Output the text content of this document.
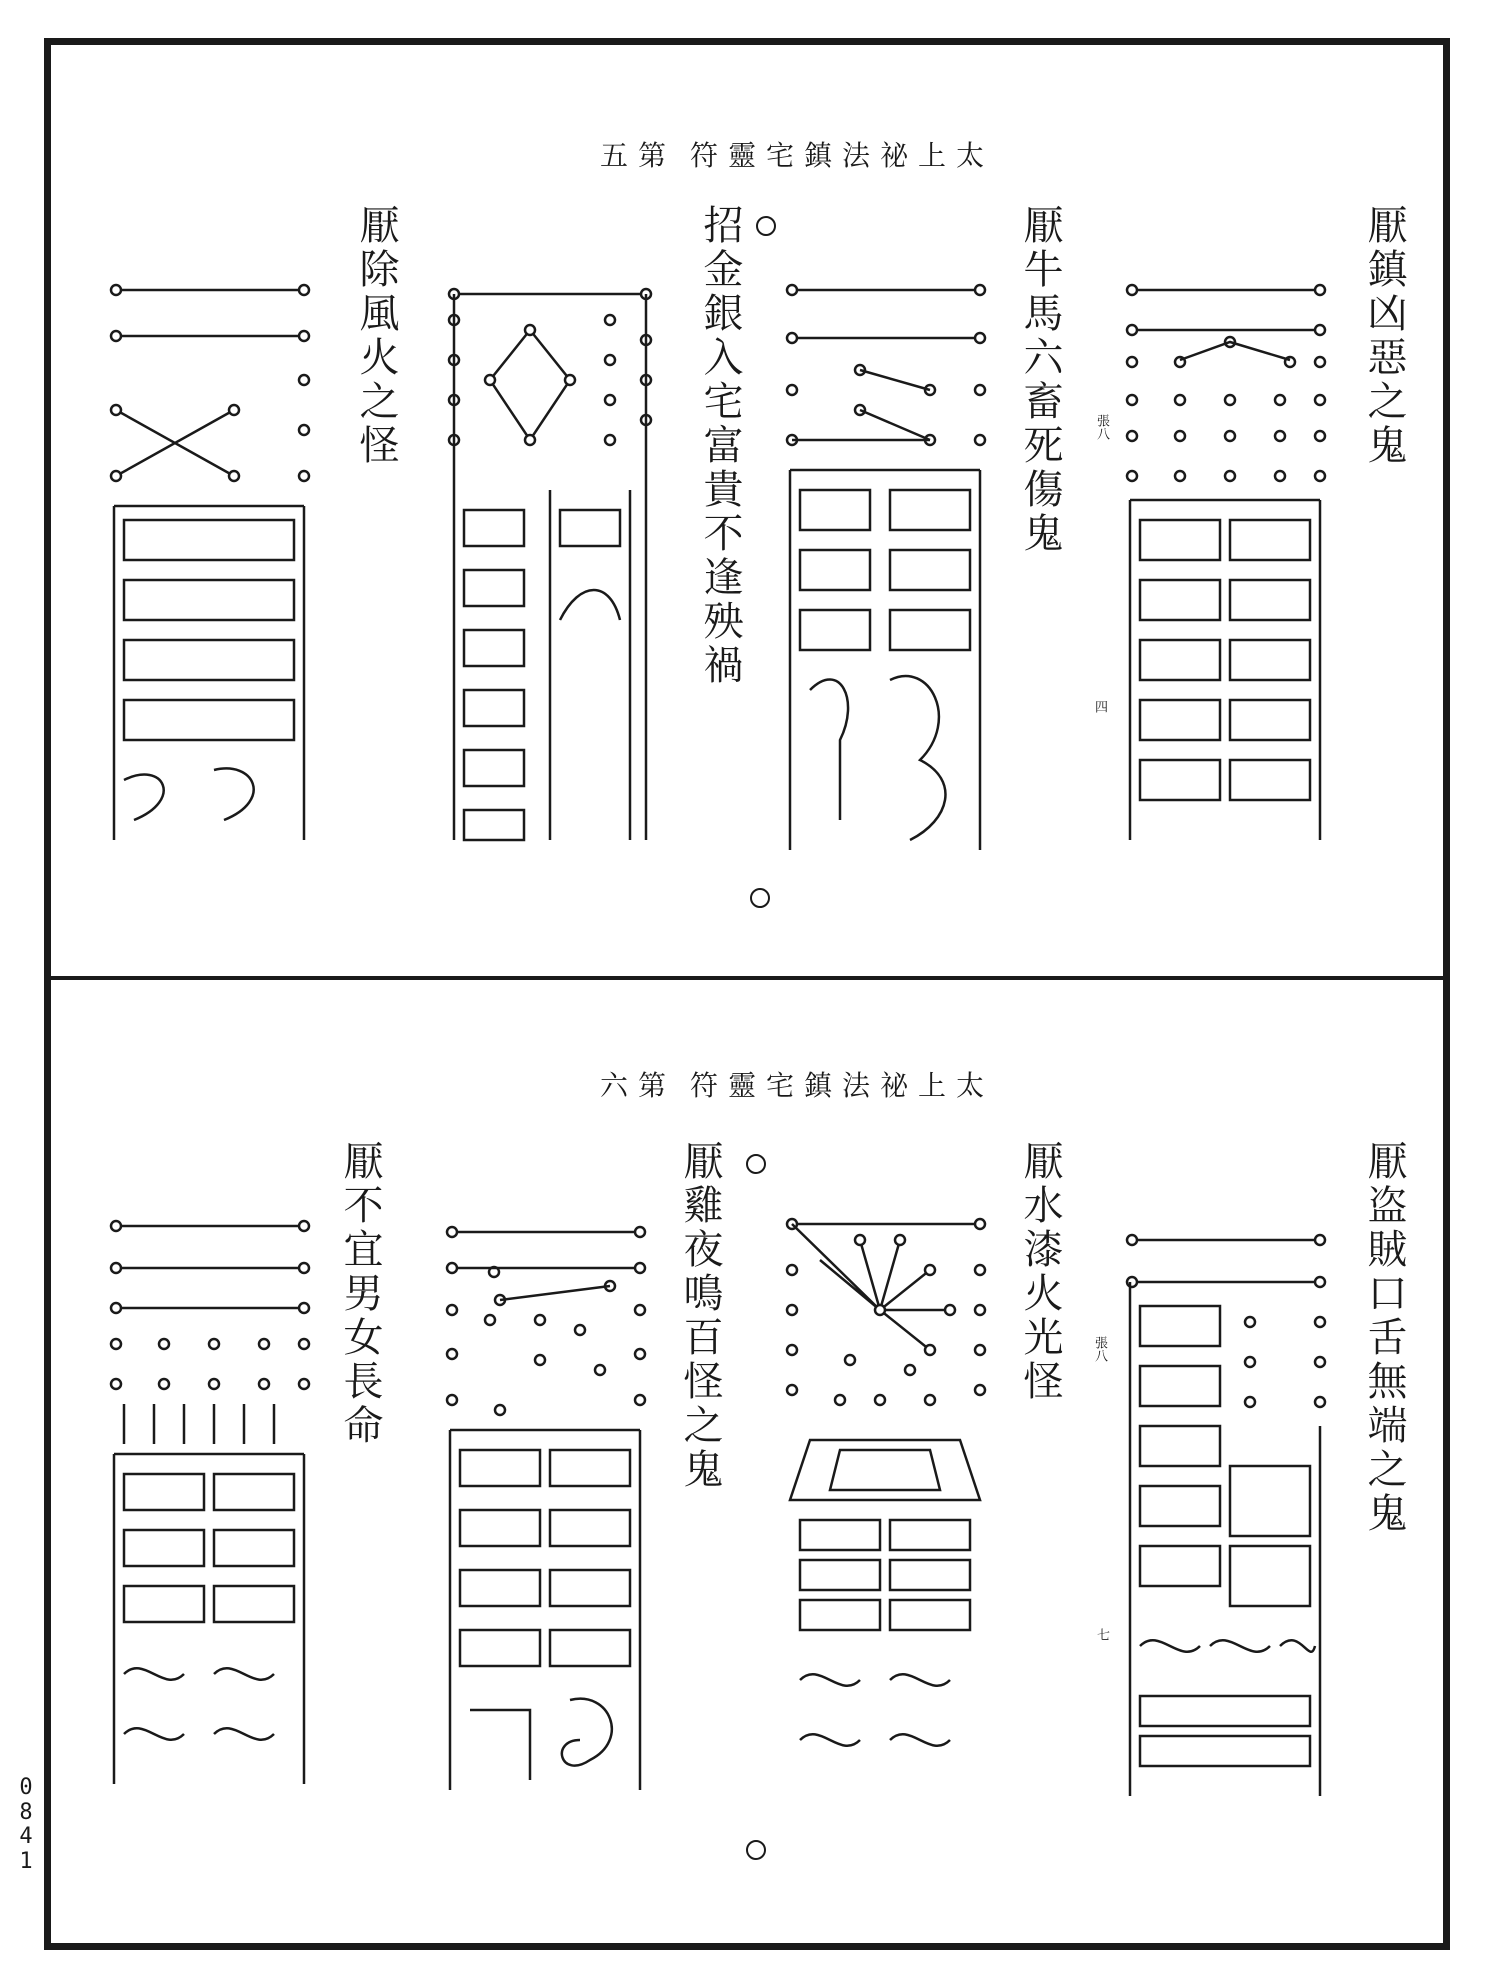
太上祕法鎮宅靈符
第五
厭鎮凶惡之鬼
厭牛馬六畜死傷鬼
招金銀入宅富貴不逢殃禍
厭除風火之怪	張八
四
太上祕法鎮宅靈符
第六
厭盗賊口舌無端之鬼
厭水漆火光怪
厭雞夜鳴百怪之鬼
厭不宜男女長命	張八
七
0841
